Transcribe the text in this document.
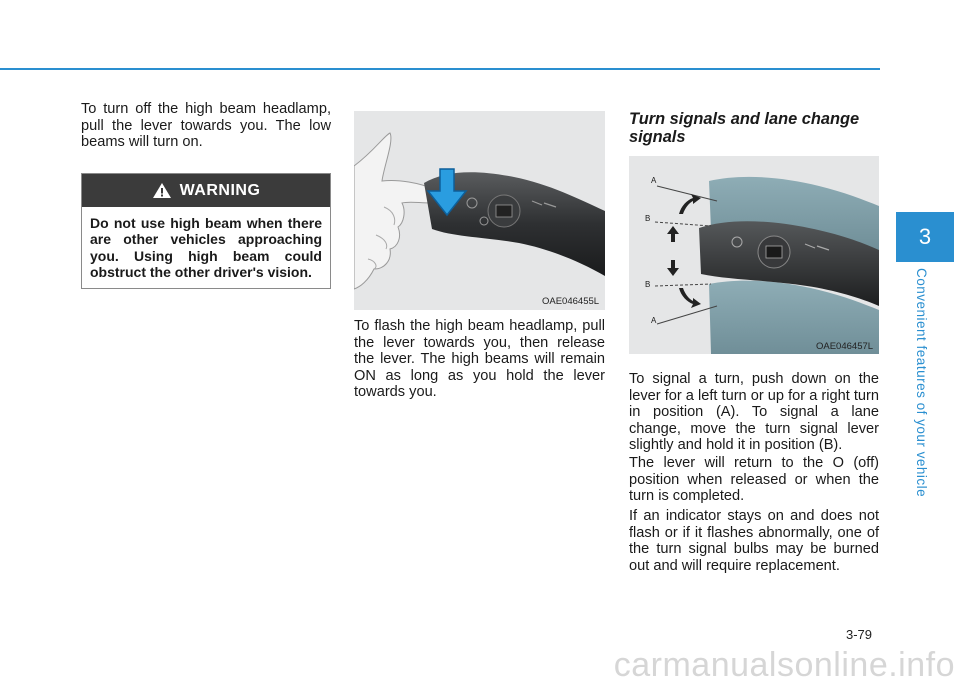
To turn off the high beam headlamp, pull the lever towards you. The low beams will turn on.

WARNING
Do not use high beam when there are other vehicles approaching you. Using high beam could obstruct the other driver's vision.
OAE046455L

To flash the high beam headlamp, pull the lever towards you, then release the lever. The high beams will remain ON as long as you hold the lever towards you.

Turn signals and lane change signals
A
B
B
A
OAE046457L

To signal a turn, push down on the lever for a left turn or up for a right turn in position (A). To signal a lane change, move the turn signal lever slightly and hold it in position (B).

The lever will return to the O (off) position when released or when the turn is completed.

If an indicator stays on and does not flash or if it flashes abnormally, one of the turn signal bulbs may be burned out and will require replacement.

3
Convenient features of your vehicle
3-79
carmanualsonline.info
